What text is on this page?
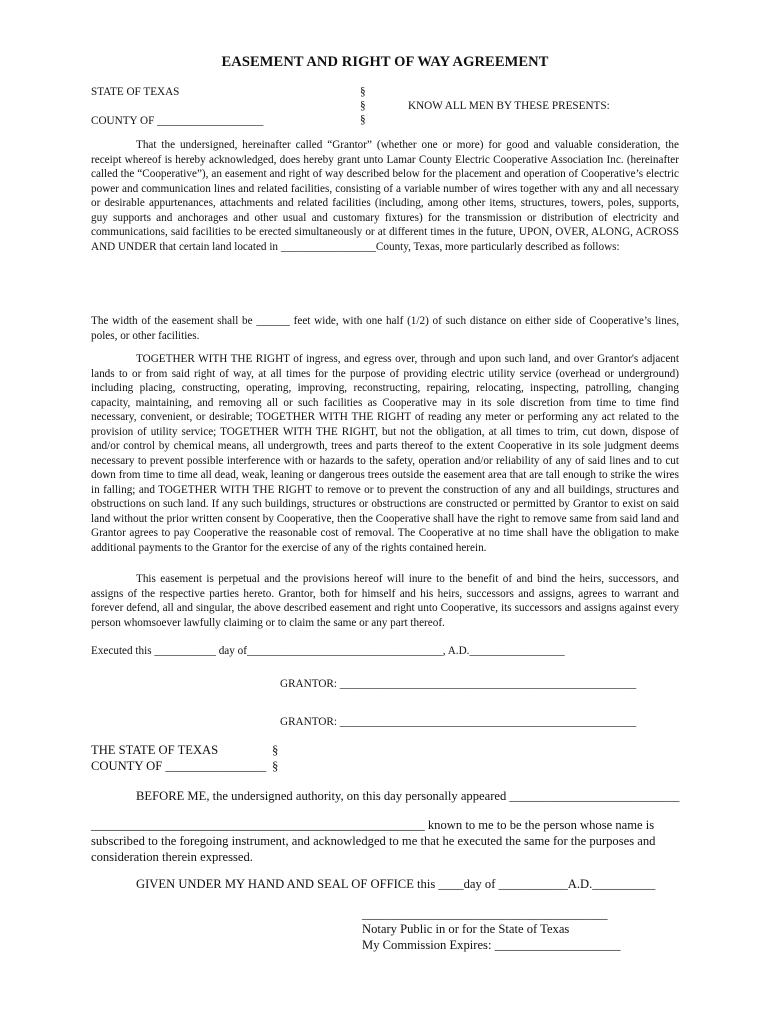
EASEMENT AND RIGHT OF WAY AGREEMENT
STATE OF TEXAS
COUNTY OF ___________________
§
§
§
KNOW ALL MEN BY THESE PRESENTS:

That the undersigned, hereinafter called “Grantor” (whether one or more) for good and valuable consideration, the receipt whereof is hereby acknowledged, does hereby grant unto Lamar County Electric Cooperative Association Inc. (hereinafter called the “Cooperative”), an easement and right of way described below for the placement and operation of Cooperative’s electric power and communication lines and related facilities, consisting of a variable number of wires together with any and all necessary or desirable appurtenances, attachments and related facilities (including, among other items, structures, towers, poles, supports, guy supports and anchorages and other usual and customary fixtures) for the transmission or distribution of electricity and communications, said facilities to be erected simultaneously or at different times in the future, UPON, OVER, ALONG, ACROSS AND UNDER that certain land located in _________________County, Texas, more particularly described as follows:

The width of the easement shall be ______ feet wide, with one half (1/2) of such distance on either side of Cooperative’s lines, poles, or other facilities.

TOGETHER WITH THE RIGHT of ingress, and egress over, through and upon such land, and over Grantor's adjacent lands to or from said right of way, at all times for the purpose of providing electric utility service (overhead or underground) including placing, constructing, operating, improving, reconstructing, repairing, relocating, inspecting, patrolling, changing capacity, maintaining, and removing all or such facilities as Cooperative may in its sole discretion from time to time find necessary, convenient, or desirable; TOGETHER WITH THE RIGHT of reading any meter or performing any act related to the provision of utility service; TOGETHER WITH THE RIGHT, but not the obligation, at all times to trim, cut down, dispose of and/or control by chemical means, all undergrowth, trees and parts thereof to the extent Cooperative in its sole judgment deems necessary to prevent possible interference with or hazards to the safety, operation and/or reliability of any of said lines and to cut down from time to time all dead, weak, leaning or dangerous trees outside the easement area that are tall enough to strike the wires in falling; and TOGETHER WITH THE RIGHT to remove or to prevent the construction of any and all buildings, structures and obstructions on such land. If any such buildings, structures or obstructions are constructed or permitted by Grantor to exist on said land without the prior written consent by Cooperative, then the Cooperative shall have the right to remove same from said land and Grantor agrees to pay Cooperative the reasonable cost of removal. The Cooperative at no time shall have the obligation to make additional payments to the Grantor for the exercise of any of the rights contained herein.

This easement is perpetual and the provisions hereof will inure to the benefit of and bind the heirs, successors, and assigns of the respective parties hereto. Grantor, both for himself and his heirs, successors and assigns, agrees to warrant and forever defend, all and singular, the above described easement and right unto Cooperative, its successors and assigns against every person whomsoever lawfully claiming or to claim the same or any part thereof.

Executed this ___________ day of___________________________________, A.D._________________
GRANTOR: _____________________________________________________
GRANTOR: _____________________________________________________
THE STATE OF TEXAS
COUNTY OF ________________
§
§
BEFORE ME, the undersigned authority, on this day personally appeared ___________________________
_____________________________________________________ known to me to be the person whose name is
subscribed to the foregoing instrument, and acknowledged to me that he executed the same for the purposes and consideration therein expressed.
GIVEN UNDER MY HAND AND SEAL OF OFFICE this ____day of ___________A.D.__________
_______________________________________
Notary Public in or for the State of Texas
My Commission Expires: ____________________
